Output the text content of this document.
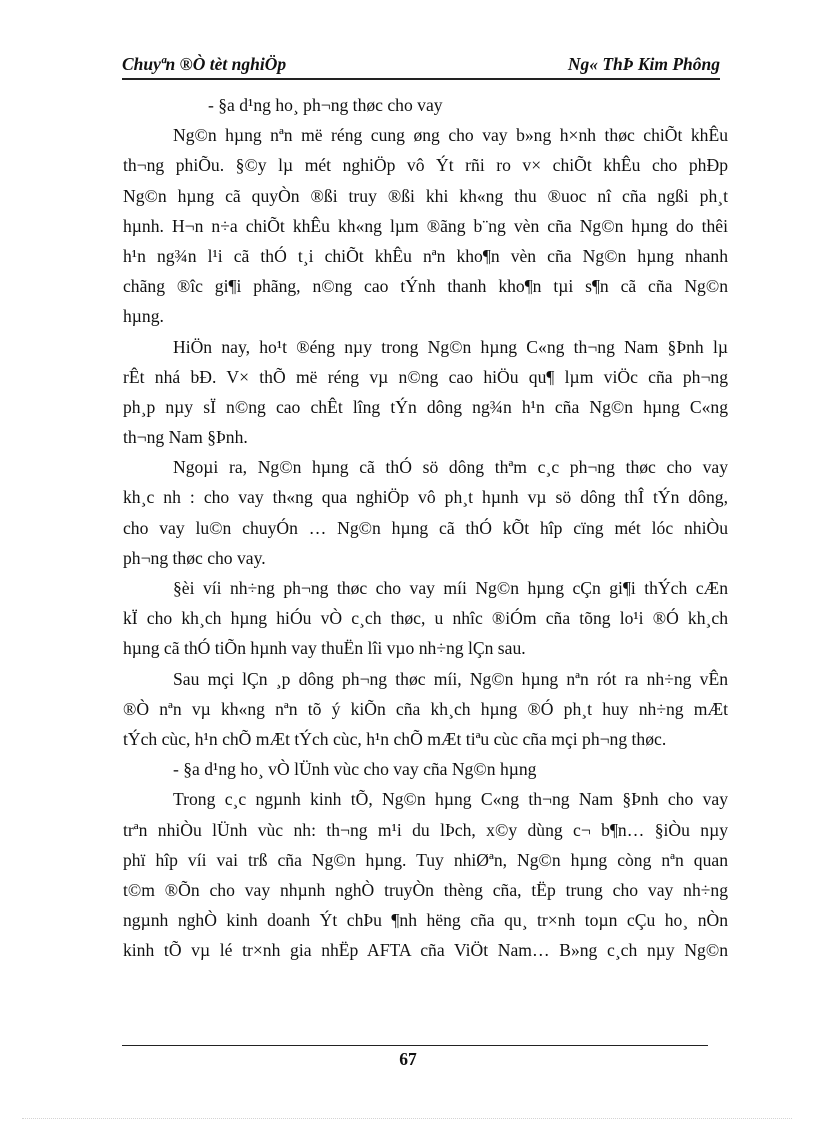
Chuyªn ®Ò tèt nghiÖp	Ng« ThÞ Kim Phông
- §a d¹ng ho¸ ph¬ng thøc cho vay
Ng©n hµng nªn më réng cung øng cho vay b»ng h×nh thøc chiÕt khÊu
th¬ng phiÕu. §©y lµ mét nghiÖp vô Ýt rñi ro v× chiÕt khÊu cho phÐp
Ng©n hµng cã quyÒn ®ßi truy ®ßi khi kh«ng thu ®uoc nî cña ngßi ph¸t
hµnh. H¬n n÷a chiÕt khÊu kh«ng lµm ®ãng b¨ng vèn cña Ng©n hµng do thêi
h¹n ng¾n l¹i cã thÓ t¸i chiÕt khÊu nªn kho¶n vèn cña Ng©n hµng nhanh
chãng ®îc gi¶i phãng, n©ng cao tÝnh thanh kho¶n tµi s¶n cã cña Ng©n
hµng.
HiÖn nay, ho¹t ®éng nµy trong Ng©n hµng C«ng th¬ng Nam §Þnh lµ
rÊt nhá bÐ. V× thÕ më réng vµ n©ng cao hiÖu qu¶ lµm viÖc cña ph¬ng
ph¸p nµy sÏ n©ng cao chÊt lîng tÝn dông ng¾n h¹n cña Ng©n hµng C«ng
th¬ng Nam §Þnh.
Ngoµi ra, Ng©n hµng cã thÓ sö dông thªm c¸c ph¬ng thøc cho vay
kh¸c nh : cho vay th«ng qua nghiÖp vô ph¸t hµnh vµ sö dông thÎ tÝn dông,
cho vay lu©n chuyÓn … Ng©n hµng cã thÓ kÕt hîp cïng mét lóc nhiÒu
ph¬ng thøc cho vay.
§èi víi nh÷ng ph¬ng thøc cho vay míi Ng©n hµng cÇn gi¶i thÝch cÆn
kÏ cho kh¸ch hµng hiÓu vÒ c¸ch thøc, u nhîc ®iÓm cña tõng lo¹i ®Ó kh¸ch
hµng cã thÓ tiÕn hµnh vay thuËn lîi vµo nh÷ng lÇn sau.
Sau mçi lÇn ¸p dông ph¬ng thøc míi, Ng©n hµng nªn rót ra nh÷ng vÊn
®Ò nªn vµ kh«ng nªn tõ ý kiÕn cña kh¸ch hµng ®Ó ph¸t huy nh÷ng mÆt
tÝch cùc, h¹n chÕ mÆt tÝch cùc, h¹n chÕ mÆt tiªu cùc cña mçi ph¬ng thøc.
- §a d¹ng ho¸ vÒ lÜnh vùc cho vay cña Ng©n hµng
Trong c¸c ngµnh kinh tÕ, Ng©n hµng C«ng th¬ng Nam §Þnh cho vay
trªn nhiÒu lÜnh vùc nh: th¬ng m¹i du lÞch, x©y dùng c¬ b¶n… §iÒu nµy
phï hîp víi vai trß cña Ng©n hµng. Tuy nhiØªn, Ng©n hµng còng nªn quan
t©m ®Õn cho vay nhµnh nghÒ truyÒn thèng cña, tËp trung cho vay nh÷ng
ngµnh nghÒ kinh doanh Ýt chÞu ¶nh hëng cña qu¸ tr×nh toµn cÇu ho¸ nÒn
kinh tÕ vµ lé tr×nh gia nhËp AFTA cña ViÖt Nam… B»ng c¸ch nµy Ng©n
67
